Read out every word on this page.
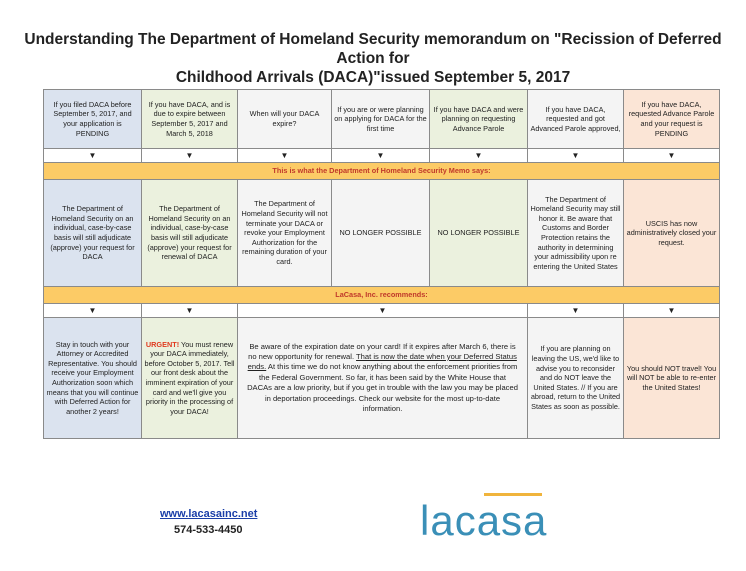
Understanding The Department of Homeland Security memorandum on "Recission of Deferred Action for
Childhood Arrivals (DACA)"issued September 5, 2017
If you filed DACA before September 5, 2017, and your application is PENDING	If you have DACA, and is due to expire between September 5, 2017 and March 5, 2018	When will your DACA expire?	If you are or were planning on applying for DACA for the first time	If you have DACA and were planning on requesting Advance Parole	If you have DACA, requested and got Advanced Parole approved,	If you have DACA, requested Advance Parole and your request is PENDING
▼	▼	▼	▼	▼	▼	▼
This is what the Department of Homeland Security Memo says:						
The Department of Homeland Security on an individual, case-by-case basis will still adjudicate (approve) your request for DACA	The Department of Homeland Security on an individual, case-by-case basis will still adjudicate (approve) your request for renewal of DACA	The Department of Homeland Security will not terminate your DACA or revoke your Employment Authorization for the remaining duration of your card.	NO LONGER POSSIBLE	NO LONGER POSSIBLE	The Department of Homeland Security may still honor it. Be aware that Customs and Border Protection retains the authority in determining your admissibility upon re entering the United States	USCIS has now administratively closed your request.
LaCasa, Inc. recommends:						
▼	▼	▼			▼	▼
Stay in touch with your Attorney or Accredited Representative. You should receive your Employment Authorization soon which means that you will continue with Deferred Action for another 2 years!	URGENT! You must renew your DACA immediately, before October 5, 2017. Tell our front desk about the imminent expiration of your card and we'll give you priority in the processing of your DACA!	Be aware of the expiration date on your card! If it expires after March 6, there is no new opportunity for renewal. That is now the date when your Deferred Status ends. At this time we do not know anything about the enforcement priorities from the Federal Government. So far, it has been said by the White House that DACAs are a low priority, but if you get in trouble with the law you may be placed in deportation proceedings. Check our website for the most up-to-date information.			If you are planning on leaving the US, we'd like to advise you to reconsider and do NOT leave the United States. // If you are abroad, return to the United States as soon as possible.	You should NOT travel! You will NOT be able to re-enter the United States!
www.lacasainc.net
574-533-4450	lacasa
